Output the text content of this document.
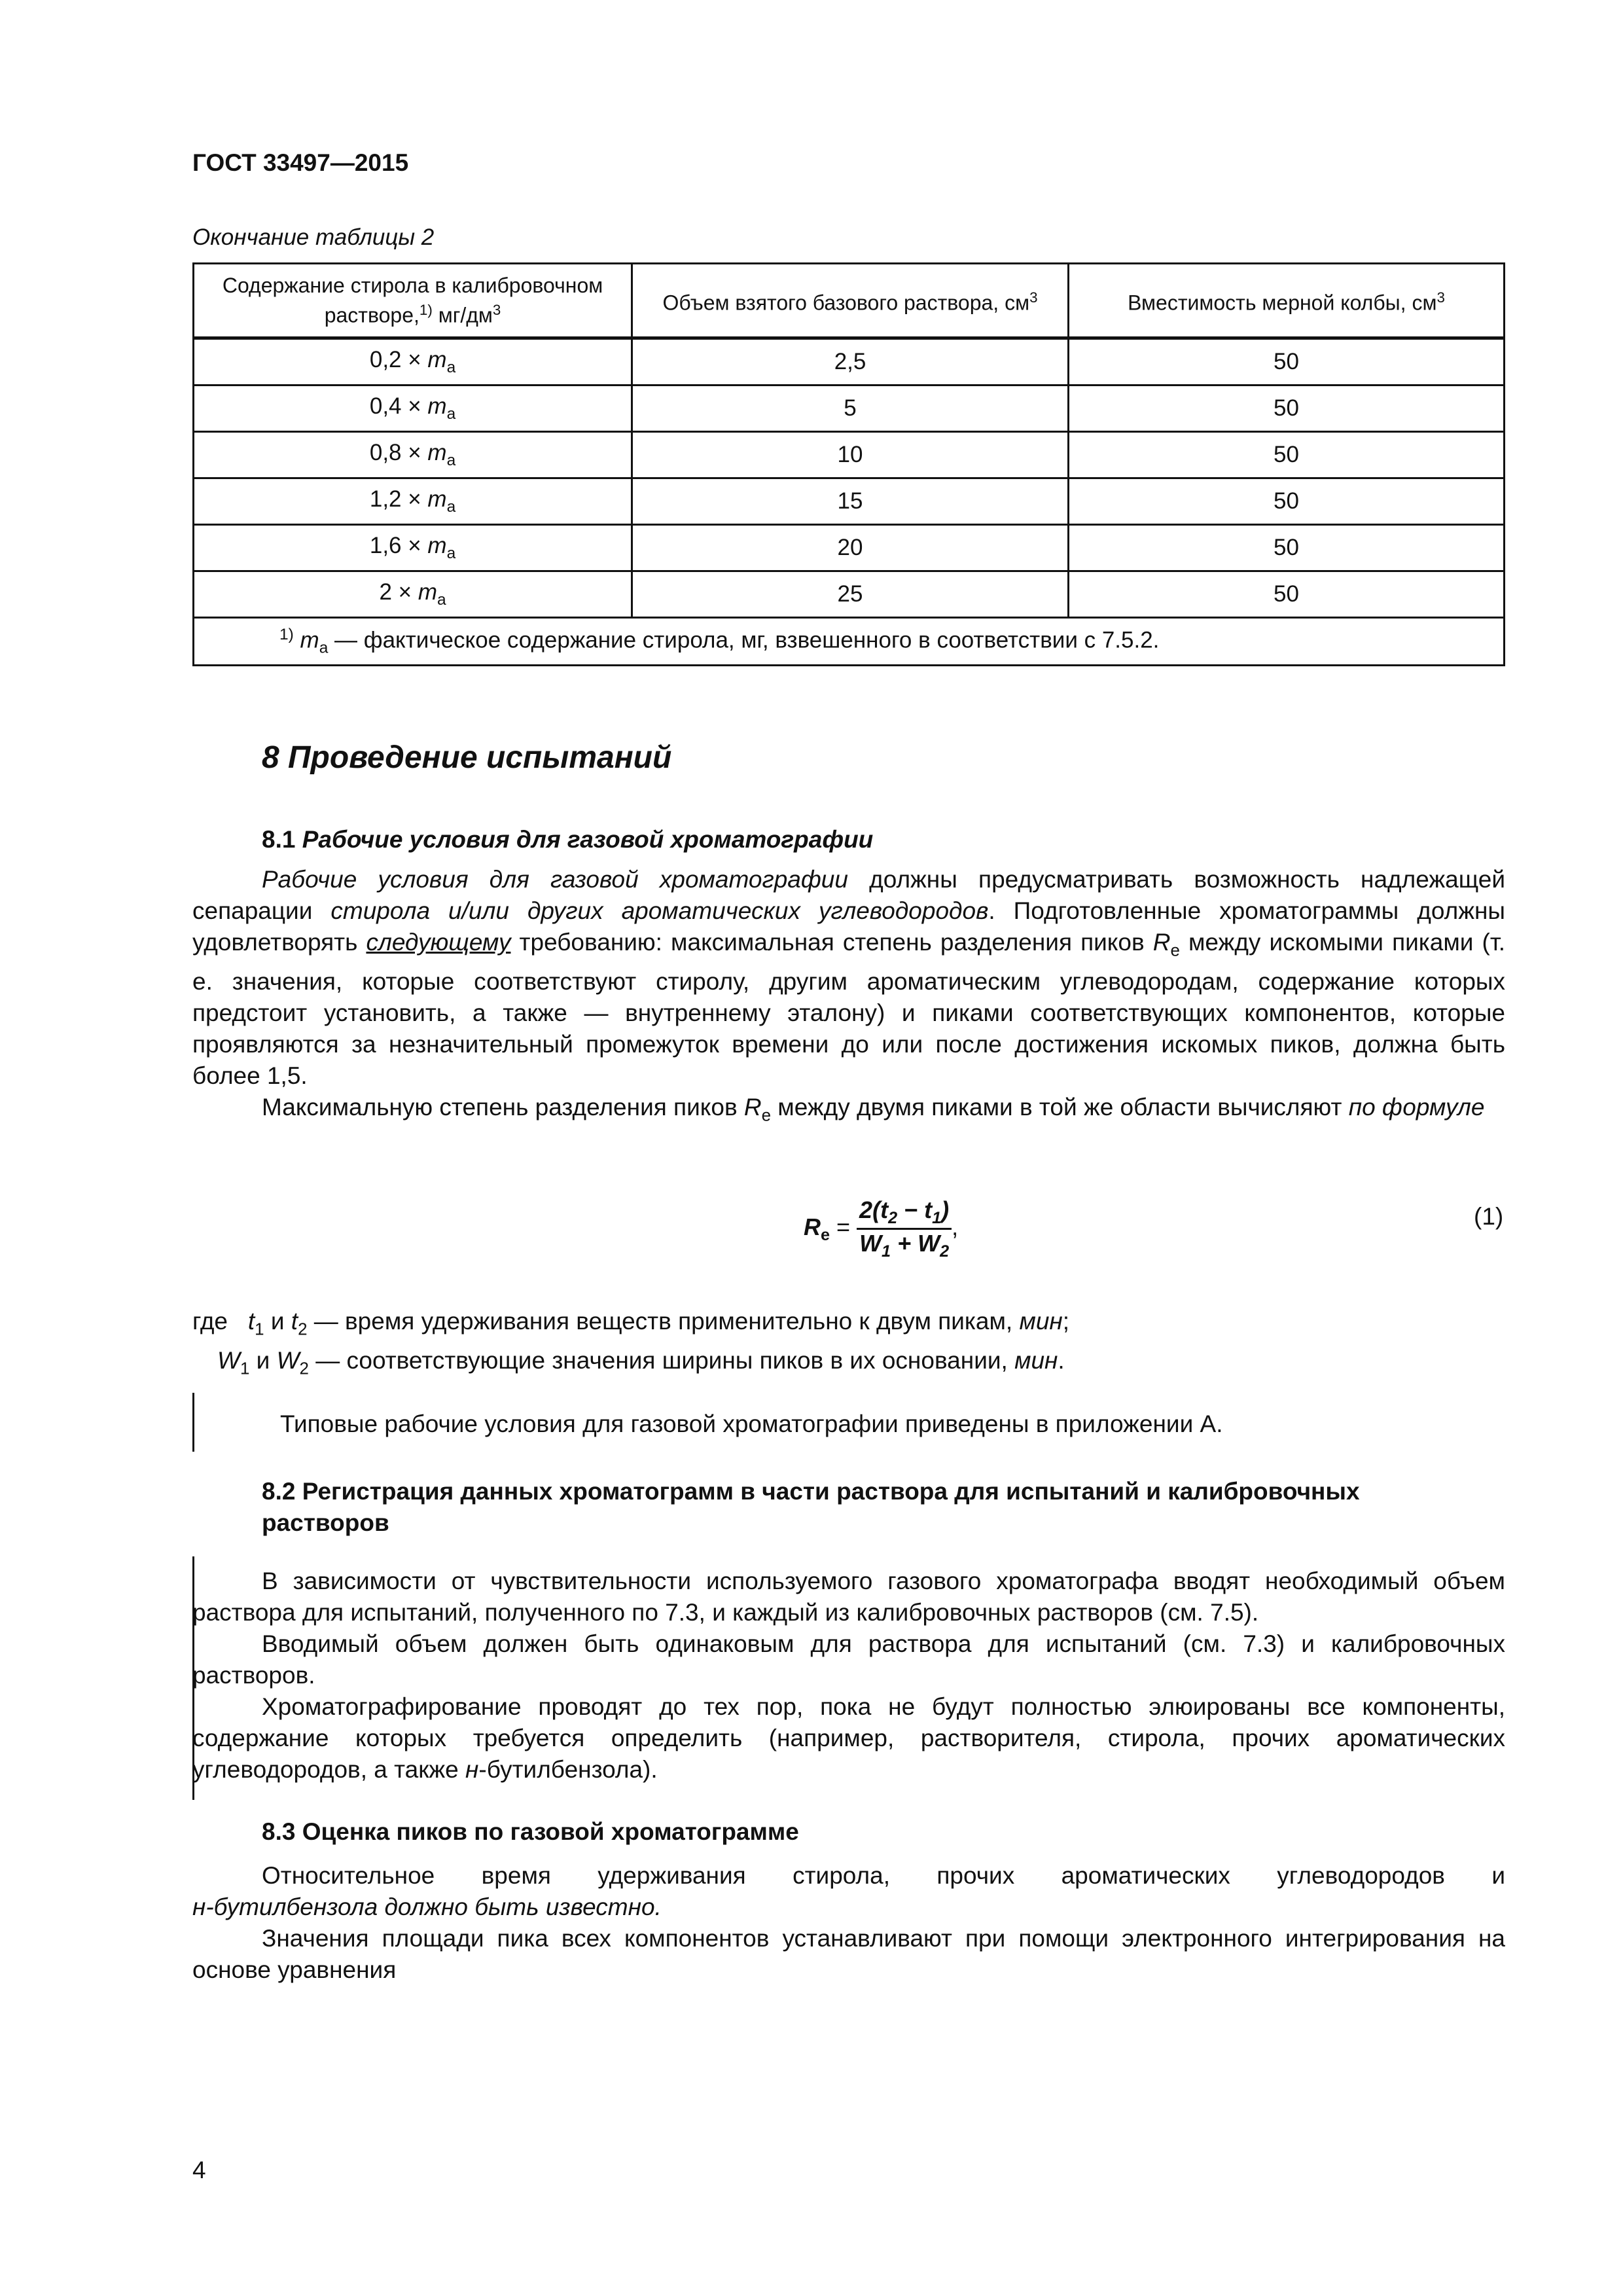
ГОСТ 33497—2015
Окончание таблицы 2
Содержание стирола в калибровочном
растворе,$^{1)}$ $мг/дм^3$	Объем взятого базового раствора, $см^3$	Вместимость мерной колбы, $см^3$
$0,2 \times m_a$	2,5	50
$0,4 \times m_a$	5	50
$0,8 \times m_a$	10	50
$1,2 \times m_a$	15	50
$1,6 \times m_a$	20	50
$2 \times m_a$	25	50
$^{1)}$ $m_a$ — фактическое содержание стирола, мг, взвешенного в соответствии с 7.5.2.		
8 Проведение испытаний
8.1 Рабочие условия для газовой хроматографии

Рабочие условия для газовой хроматографии должны предусматривать возможность надлежащей сепарации стирола и/или других ароматических углеводородов. Подготовленные хроматограммы должны удовлетворять следующему требованию: максимальная степень разделения пиков $R_e$ между искомыми пиками (т. е. значения, которые соответствуют стиролу, другим ароматическим углеводородам, содержание которых предстоит установить, а также — внутреннему эталону) и пиками соответствующих компонентов, которые проявляются за незначительный промежуток времени до или после достижения искомых пиков, должна быть более 1,5.

Максимальную степень разделения пиков $R_e$ между двумя пиками в той же области вычисляют по формуле

$R_e = \frac{2(t_2 - t_1)}{W_1 + W_2}$ ,	(1)
где $t_1$ и $t_2$ — время удерживания веществ применительно к двум пикам, мин;
$W_1$ и $W_2$ — соответствующие значения ширины пиков в их основании, мин.
Типовые рабочие условия для газовой хроматографии приведены в приложении А.
8.2 Регистрация данных хроматограмм в части раствора для испытаний и калибровочных
растворов

В зависимости от чувствительности используемого газового хроматографа вводят необходимый объем раствора для испытаний, полученного по 7.3, и каждый из калибровочных растворов (см. 7.5).

Вводимый объем должен быть одинаковым для раствора для испытаний (см. 7.3) и калибровочных растворов.

Хроматографирование проводят до тех пор, пока не будут полностью элюированы все компоненты, содержание которых требуется определить (например, растворителя, стирола, прочих ароматических углеводородов, а также н-бутилбензола).

8.3 Оценка пиков по газовой хроматограмме

Относительное время удерживания стирола, прочих ароматических углеводородов и

н-бутилбензола должно быть известно.

Значения площади пика всех компонентов устанавливают при помощи электронного интегрирования на основе уравнения

4
